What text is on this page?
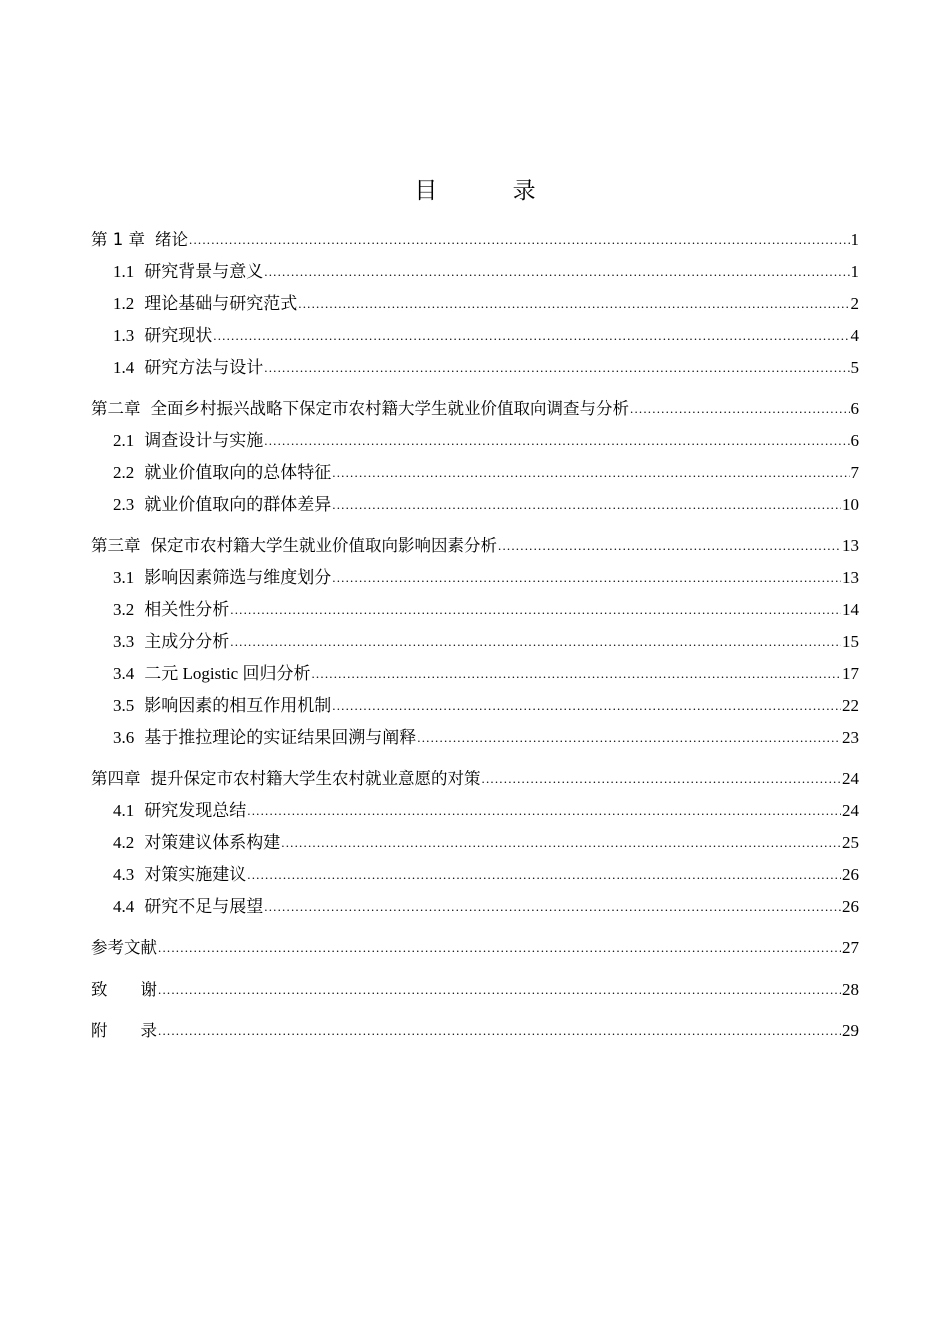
目 录
第 1 章 绪论 .....	1
1.1 研究背景与意义 .....	1
1.2 理论基础与研究范式 .....	2
1.3 研究现状 .....	4
1.4 研究方法与设计 .....	5
第二章 全面乡村振兴战略下保定市农村籍大学生就业价值取向调查与分析 .....	6
2.1 调查设计与实施 .....	6
2.2 就业价值取向的总体特征 .....	7
2.3 就业价值取向的群体差异 .....	10
第三章 保定市农村籍大学生就业价值取向影响因素分析 .....	13
3.1 影响因素筛选与维度划分 .....	13
3.2 相关性分析 .....	14
3.3 主成分分析 .....	15
3.4 二元 Logistic 回归分析 .....	17
3.5 影响因素的相互作用机制 .....	22
3.6 基于推拉理论的实证结果回溯与阐释 .....	23
第四章 提升保定市农村籍大学生农村就业意愿的对策 .....	24
4.1 研究发现总结 .....	24
4.2 对策建议体系构建 .....	25
4.3 对策实施建议 .....	26
4.4 研究不足与展望 .....	26
参考文献 .....	27
致　　谢 .....	28
附　　录 .....	29
